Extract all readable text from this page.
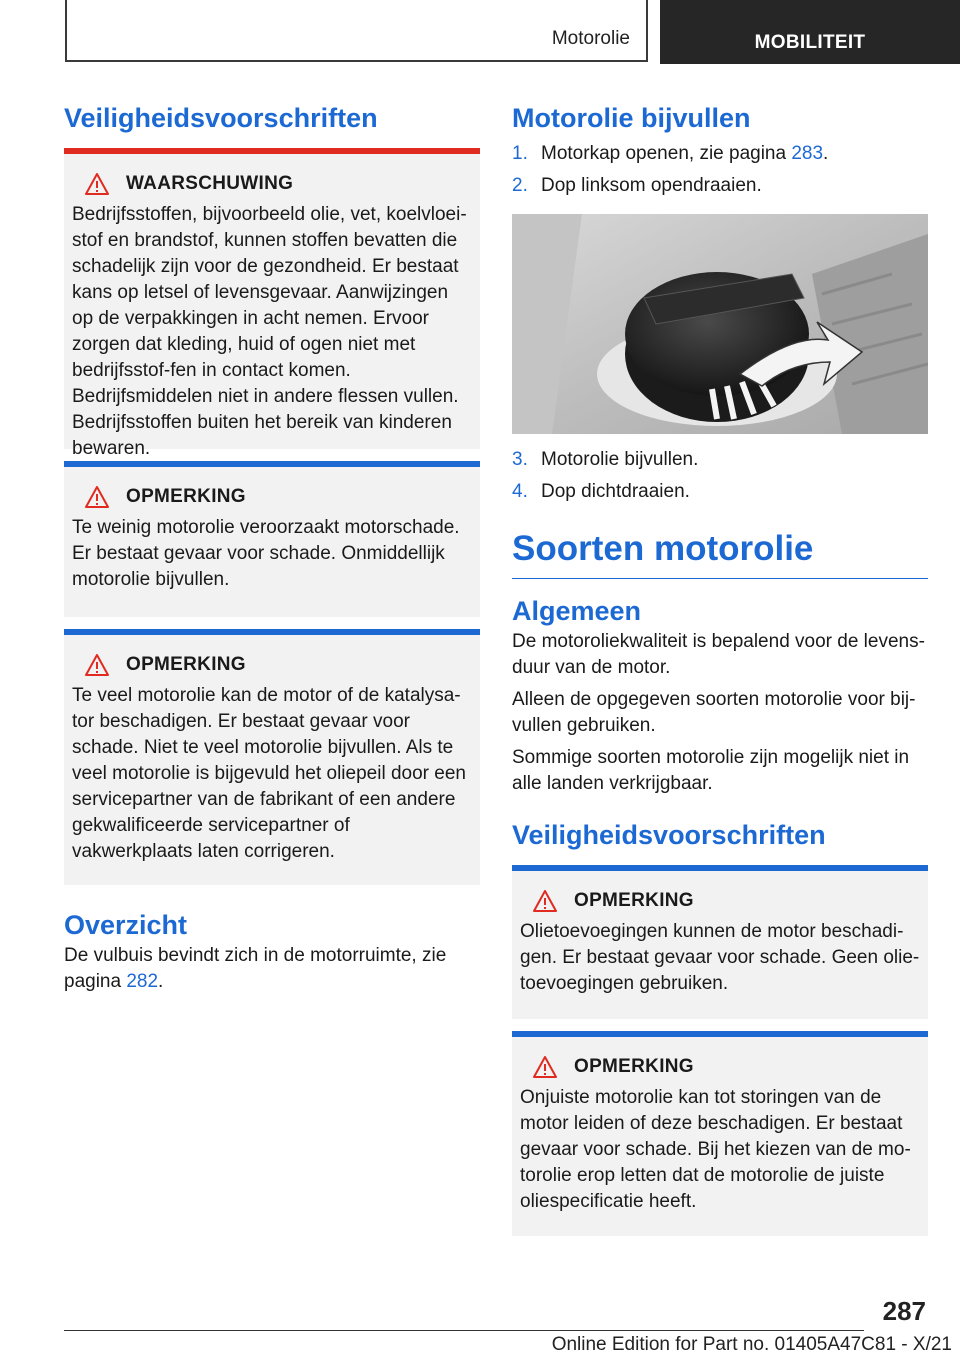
Motorolie	MOBILITEIT
Veiligheidsvoorschriften
WAARSCHUWING

Bedrijfsstoffen, bijvoorbeeld olie, vet, koelvloei-stof en brandstof, kunnen stoffen bevatten die schadelijk zijn voor de gezondheid. Er bestaat kans op letsel of levensgevaar. Aanwijzingen op de verpakkingen in acht nemen. Ervoor zorgen dat kleding, huid of ogen niet met bedrijfsstof-fen in contact komen. Bedrijfsmiddelen niet in andere flessen vullen. Bedrijfsstoffen buiten het bereik van kinderen bewaren.

OPMERKING

Te weinig motorolie veroorzaakt motorschade. Er bestaat gevaar voor schade. Onmiddellijk motorolie bijvullen.

OPMERKING

Te veel motorolie kan de motor of de katalysa-tor beschadigen. Er bestaat gevaar voor schade. Niet te veel motorolie bijvullen. Als te veel motorolie is bijgevuld het oliepeil door een servicepartner van de fabrikant of een andere gekwalificeerde servicepartner of vakwerkplaats laten corrigeren.

Overzicht

De vulbuis bevindt zich in de motorruimte, zie pagina 282.

Motorolie bijvullen
1. Motorkap openen, zie pagina 283.
2. Dop linksom opendraaien.
3. Motorolie bijvullen.
4. Dop dichtdraaien.
Soorten motorolie
Algemeen

De motoroliekwaliteit is bepalend voor de levens-duur van de motor.

Alleen de opgegeven soorten motorolie voor bij-vullen gebruiken.

Sommige soorten motorolie zijn mogelijk niet in alle landen verkrijgbaar.

Veiligheidsvoorschriften
OPMERKING

Olietoevoegingen kunnen de motor beschadi-gen. Er bestaat gevaar voor schade. Geen olie-toevoegingen gebruiken.

OPMERKING

Onjuiste motorolie kan tot storingen van de motor leiden of deze beschadigen. Er bestaat gevaar voor schade. Bij het kiezen van de mo-torolie erop letten dat de motorolie de juiste oliespecificatie heeft.

287
Online Edition for Part no. 01405A47C81 - X/21
